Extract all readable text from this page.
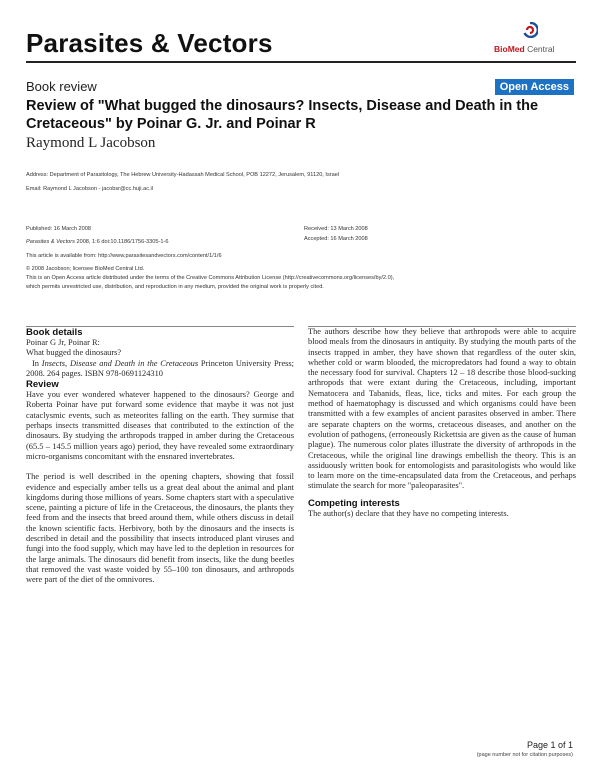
Parasites & Vectors	BioMed Central
Book review	Open Access
Review of "What bugged the dinosaurs? Insects, Disease and Death in the Cretaceous" by Poinar G. Jr. and Poinar R
Raymond L Jacobson
Address: Department of Parasitology, The Hebrew University-Hadassah Medical School, POB 12272, Jerusalem, 91120, Israel
Email: Raymond L Jacobson - jacobsr@cc.huji.ac.il
Published: 16 March 2008
Parasites & Vectors 2008, 1:6 doi:10.1186/1756-3305-1-6
Received: 13 March 2008
Accepted: 16 March 2008
This article is available from: http://www.parasitesandvectors.com/content/1/1/6
© 2008 Jacobson; licensee BioMed Central Ltd.
This is an Open Access article distributed under the terms of the Creative Commons Attribution License (http://creativecommons.org/licenses/by/2.0),
which permits unrestricted use, distribution, and reproduction in any medium, provided the original work is properly cited.
Book details

Poinar G Jr, Poinar R:

What bugged the dinosaurs?

In Insects, Disease and Death in the Cretaceous Princeton University Press; 2008. 264 pages. ISBN 978-0691124310

Review

Have you ever wondered whatever happened to the dinosaurs? George and Roberta Poinar have put forward some evidence that maybe it was not just cataclysmic events, such as meteorites falling on the earth. They surmise that perhaps insects transmitted diseases that contributed to the extinction of the dinosaurs. By studying the arthropods trapped in amber during the Cretaceous (65.5 – 145.5 million years ago) period, they have revealed some extraordinary micro-organisms concomitant with the ensnared invertebrates.

The period is well described in the opening chapters, showing that fossil evidence and especially amber tells us a great deal about the animal and plant kingdoms during those millions of years. Some chapters start with a speculative scene, painting a picture of life in the Cretaceous, the dinosaurs, the plants they feed from and the insects that breed around them, while others discuss in detail the known scientific facts. Herbivory, both by the dinosaurs and the insects is described in detail and the possibility that insects introduced plant viruses and fungi into the food supply, which may have led to the depletion in resources for the large animals. The dinosaurs did benefit from insects, like the dung beetles that removed the vast waste voided by 55–100 ton dinosaurs, and arthropods were part of the diet of the omnivores.

The authors describe how they believe that arthropods were able to acquire blood meals from the dinosaurs in antiquity. By studying the mouth parts of the insects trapped in amber, they have shown that regardless of the outer skin, whether cold or warm blooded, the micropredators had found a way to obtain the necessary food for survival. Chapters 12 – 18 describe those blood-sucking arthropods that were extant during the Cretaceous, including, important Nematocera and Tabanids, fleas, lice, ticks and mites. For each group the method of haematophagy is discussed and which organisms could have been transmitted with a few examples of ancient parasites observed in amber. There are separate chapters on the worms, cretaceous diseases, and another on the evolution of pathogens, (erroneously Rickettsia are given as the cause of human plague). The numerous color plates illustrate the diversity of arthropods in the Cretaceous, while the original line drawings embellish the theory. This is an assiduously written book for entomologists and parasitologists who would like to learn more on the time-encapsulated data from the Cretaceous, and perhaps stimulate the search for more "paleoparasites".

Competing interests

The author(s) declare that they have no competing interests.

Page 1 of 1
(page number not for citation purposes)
